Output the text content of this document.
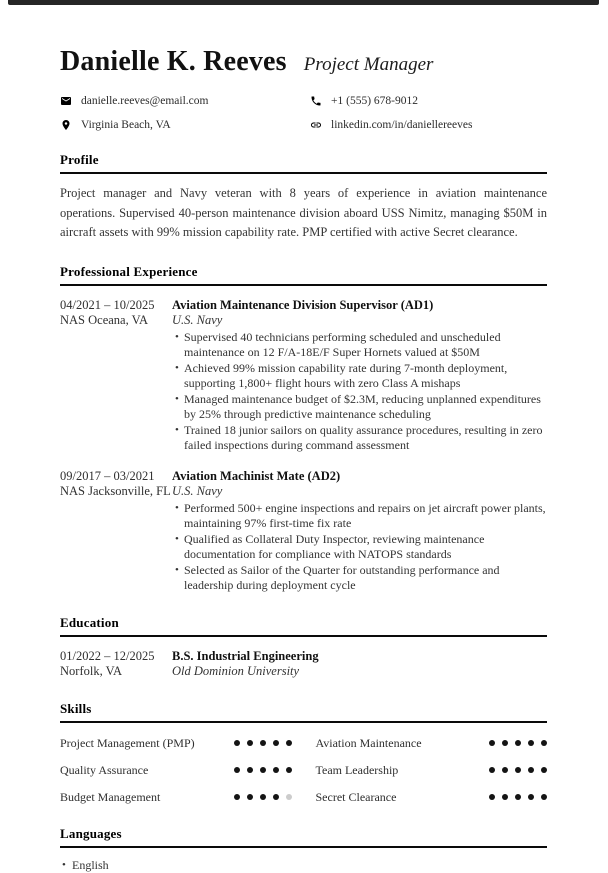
Danielle K. Reeves Project Manager
danielle.reeves@email.com	+1 (555) 678-9012
Virginia Beach, VA	linkedin.com/in/daniellereeves
Profile

Project manager and Navy veteran with 8 years of experience in aviation maintenance operations. Supervised 40-person maintenance division aboard USS Nimitz, managing $50M in aircraft assets with 99% mission capability rate. PMP certified with active Secret clearance.

Professional Experience
04/2021 – 10/2025
NAS Oceana, VA
Aviation Maintenance Division Supervisor (AD1)
U.S. Navy
• Supervised 40 technicians performing scheduled and unscheduled maintenance on 12 F/A-18E/F Super Hornets valued at $50M
• Achieved 99% mission capability rate during 7-month deployment, supporting 1,800+ flight hours with zero Class A mishaps
• Managed maintenance budget of $2.3M, reducing unplanned expenditures by 25% through predictive maintenance scheduling
• Trained 18 junior sailors on quality assurance procedures, resulting in zero failed inspections during command assessment
09/2017 – 03/2021
NAS Jacksonville, FL
Aviation Machinist Mate (AD2)
U.S. Navy
• Performed 500+ engine inspections and repairs on jet aircraft power plants, maintaining 97% first-time fix rate
• Qualified as Collateral Duty Inspector, reviewing maintenance documentation for compliance with NATOPS standards
• Selected as Sailor of the Quarter for outstanding performance and leadership during deployment cycle
Education
01/2022 – 12/2025
Norfolk, VA
B.S. Industrial Engineering
Old Dominion University
Skills
Project Management (PMP)	Aviation Maintenance
Quality Assurance	Team Leadership
Budget Management	Secret Clearance
Languages
• English
